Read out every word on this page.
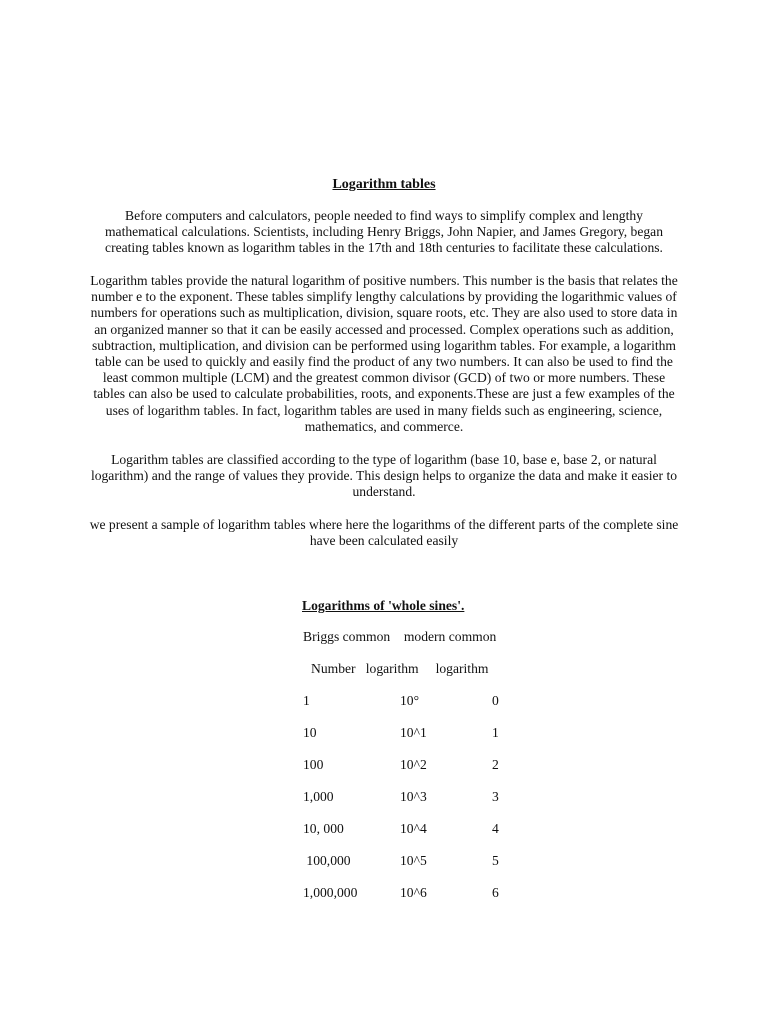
Logarithm tables

Before computers and calculators, people needed to find ways to simplify complex and lengthy mathematical calculations. Scientists, including Henry Briggs, John Napier, and James Gregory, began creating tables known as logarithm tables in the 17th and 18th centuries to facilitate these calculations.

Logarithm tables provide the natural logarithm of positive numbers. This number is the basis that relates the number e to the exponent. These tables simplify lengthy calculations by providing the logarithmic values of numbers for operations such as multiplication, division, square roots, etc. They are also used to store data in an organized manner so that it can be easily accessed and processed. Complex operations such as addition, subtraction, multiplication, and division can be performed using logarithm tables. For example, a logarithm table can be used to quickly and easily find the product of any two numbers. It can also be used to find the least common multiple (LCM) and the greatest common divisor (GCD) of two or more numbers. These tables can also be used to calculate probabilities, roots, and exponents.These are just a few examples of the uses of logarithm tables. In fact, logarithm tables are used in many fields such as engineering, science, mathematics, and commerce.

Logarithm tables are classified according to the type of logarithm (base 10, base e, base 2, or natural logarithm) and the range of values they provide. This design helps to organize the data and make it easier to understand.

we present a sample of logarithm tables where here the logarithms of the different parts of the complete sine have been calculated easily

Logarithms of 'whole sines'.
Briggs common    modern common
Number   logarithm     logarithm
1	10°	0
10	10^1	1
100	10^2	2
1,000	10^3	3
10, 000	10^4	4
100,000	10^5	5
1,000,000	10^6	6
